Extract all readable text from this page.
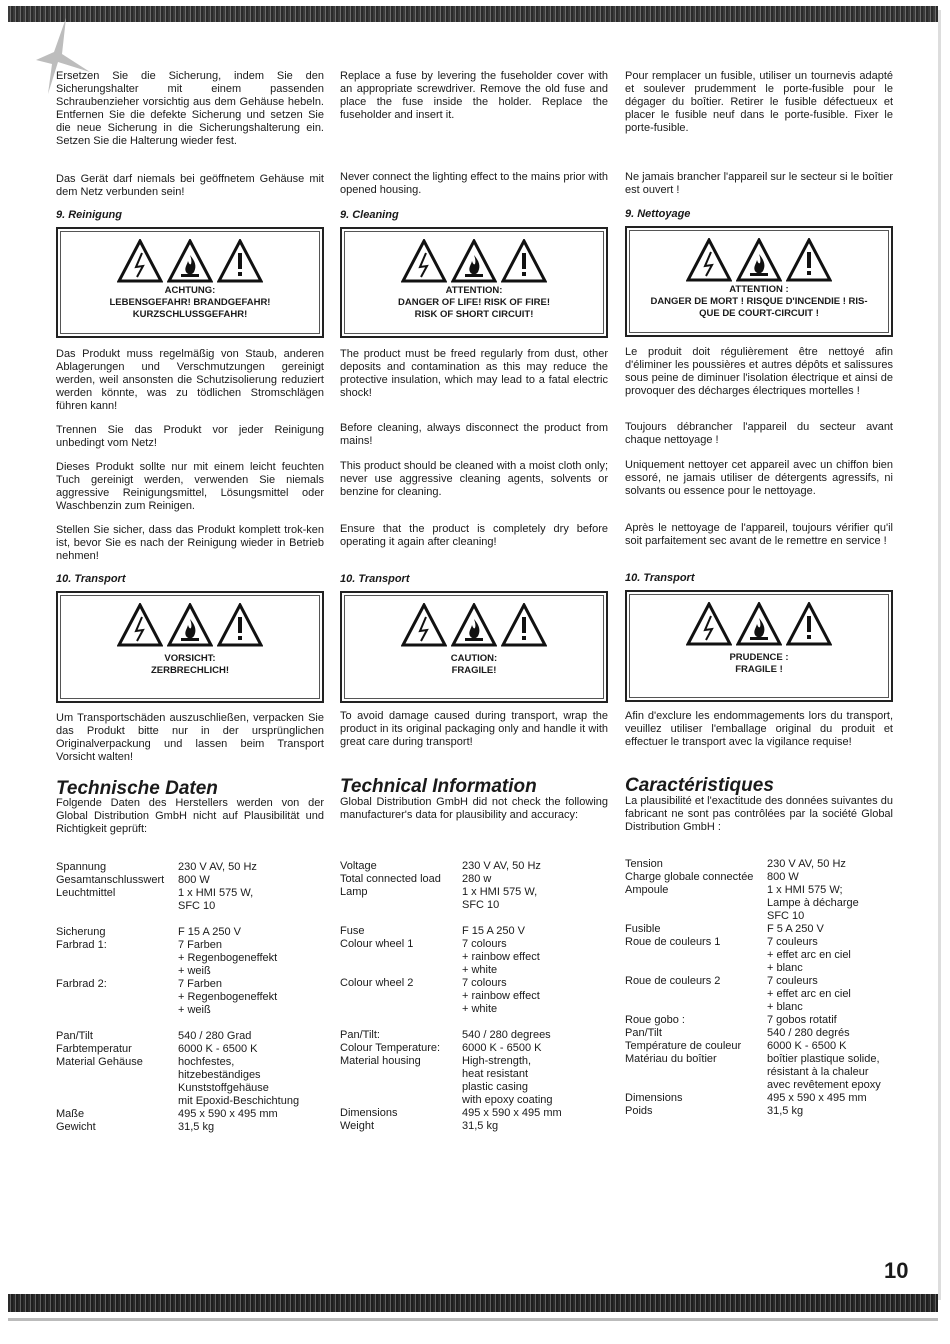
Ersetzen Sie die Sicherung, indem Sie den Sicherungshalter mit einem passenden Schraubenzieher vorsichtig aus dem Gehäuse hebeln. Entfernen Sie die defekte Sicherung und setzen Sie die neue Sicherung in die Sicherungshalterung ein. Setzen Sie die Halterung wieder fest.

Das Gerät darf niemals bei geöffnetem Gehäuse mit dem Netz verbunden sein!

9. Reinigung

ACHTUNG:
LEBENSGEFAHR! BRANDGEFAHR!
KURZSCHLUSSGEFAHR!

Das Produkt muss regelmäßig von Staub, anderen Ablagerungen und Verschmutzungen gereinigt werden, weil ansonsten die Schutzisolierung reduziert werden könnte, was zu tödlichen Stromschlägen führen kann!

Trennen Sie das Produkt vor jeder Reinigung unbedingt vom Netz!

Dieses Produkt sollte nur mit einem leicht feuchten Tuch gereinigt werden, verwenden Sie niemals aggressive Reinigungsmittel, Lösungsmittel oder Waschbenzin zum Reinigen.

Stellen Sie sicher, dass das Produkt komplett trok-ken ist, bevor Sie es nach der Reinigung wieder in Betrieb nehmen!

10. Transport

VORSICHT:
ZERBRECHLICH!

Um Transportschäden auszuschließen, verpacken Sie das Produkt bitte nur in der ursprünglichen Originalverpackung und lassen beim Transport Vorsicht walten!

Technische Daten

Folgende Daten des Herstellers werden von der Global Distribution GmbH nicht auf Plausibilität und Richtigkeit geprüft:

Spannung	230 V AV, 50 Hz
Gesamtanschlusswert	800 W
Leuchtmittel	1 x HMI 575 W,
SFC 10
Sicherung	F 15 A 250 V
Farbrad 1:	7 Farben
+ Regenbogeneffekt
+ weiß
Farbrad 2:	7 Farben
+ Regenbogeneffekt
+ weiß
Pan/Tilt	540 / 280 Grad
Farbtemperatur	6000 K - 6500 K
Material Gehäuse	hochfestes,
hitzebeständiges
Kunststoffgehäuse
mit Epoxid-Beschichtung
Maße	495 x 590 x 495 mm
Gewicht	31,5 kg

Replace a fuse by levering the fuseholder cover with an appropriate screwdriver. Remove the old fuse and place the fuse inside the holder. Replace the fuseholder and insert it.

Never connect the lighting effect to the mains prior with opened housing.

9. Cleaning

ATTENTION:
DANGER OF LIFE! RISK OF FIRE!
RISK OF SHORT CIRCUIT!

The product must be freed regularly from dust, other deposits and contamination as this may reduce the protective insulation, which may lead to a fatal electric shock!

Before cleaning, always disconnect the product from mains!

This product should be cleaned with a moist cloth only; never use aggressive cleaning agents, solvents or benzine for cleaning.

Ensure that the product is completely dry before operating it again after cleaning!

10. Transport

CAUTION:
FRAGILE!

To avoid damage caused during transport, wrap the product in its original packaging only and handle it with great care during transport!

Technical Information

Global Distribution GmbH did not check the following manufacturer's data for plausibility and accuracy:

Voltage	230 V AV, 50 Hz
Total connected load	280 w
Lamp	1 x HMI 575 W,
SFC 10
Fuse	F 15 A 250 V
Colour wheel 1	7 colours
+ rainbow effect
+ white
Colour wheel 2	7 colours
+ rainbow effect
+ white
Pan/Tilt:	540 / 280 degrees
Colour Temperature:	6000 K - 6500 K
Material housing	High-strength,
heat resistant
plastic casing
with epoxy coating
Dimensions	495 x 590 x 495 mm
Weight	31,5 kg

Pour remplacer un fusible, utiliser un tournevis adapté et soulever prudemment le porte-fusible pour le dégager du boîtier. Retirer le fusible défectueux et placer le fusible neuf dans le porte-fusible. Fixer le porte-fusible.

Ne jamais brancher l'appareil sur le secteur si le boîtier est ouvert !

9. Nettoyage

ATTENTION :
DANGER DE MORT ! RISQUE D'INCENDIE ! RIS-
QUE DE COURT-CIRCUIT !

Le produit doit régulièrement être nettoyé afin d'éliminer les poussières et autres dépôts et salissures sous peine de diminuer l'isolation électrique et ainsi de provoquer des décharges électriques mortelles !

Toujours débrancher l'appareil du secteur avant chaque nettoyage !

Uniquement nettoyer cet appareil avec un chiffon bien essoré, ne jamais utiliser de détergents agressifs, ni solvants ou essence pour le nettoyage.

Après le nettoyage de l'appareil, toujours vérifier qu'il soit parfaitement sec avant de le remettre en service !

10. Transport

PRUDENCE :
FRAGILE !

Afin d'exclure les endommagements lors du transport, veuillez utiliser l'emballage original du produit et effectuer le transport avec la vigilance requise!

Caractéristiques

La plausibilité et l'exactitude des données suivantes du fabricant ne sont pas contrôlées par la société Global Distribution GmbH :

Tension	230 V AV, 50 Hz
Charge globale connectée	800 W
Ampoule	1 x HMI 575 W;
Lampe à décharge
SFC 10
Fusible	F 5 A 250 V
Roue de couleurs 1	7 couleurs
+ effet arc en ciel
+ blanc
Roue de couleurs 2	7 couleurs
+ effet arc en ciel
+ blanc
Roue gobo :	7 gobos rotatif
Pan/Tilt	540 / 280 degrés
Température de couleur	6000 K - 6500 K
Matériau du boîtier	boîtier plastique solide,
résistant à la chaleur
avec revêtement epoxy
Dimensions	495 x 590 x 495 mm
Poids	31,5 kg
10
